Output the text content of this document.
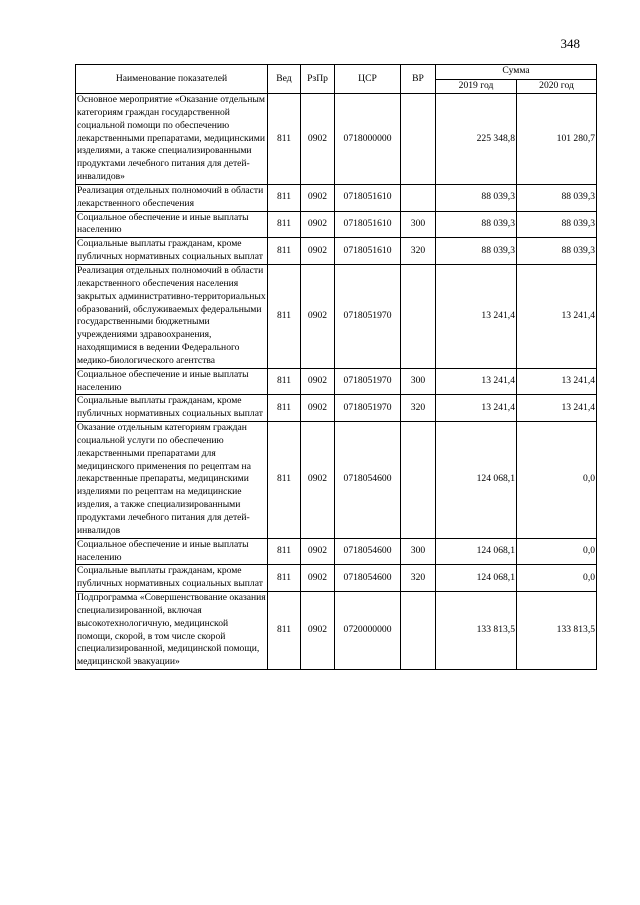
348
Наименование показателей	Вед	РзПр	ЦСР	ВР	Сумма	
					2019 год	2020 год
Основное мероприятие «Оказание отдельным категориям граждан государственной социальной помощи по обеспечению лекарственными препаратами, медицинскими изделиями, а также специализированными продуктами лечебного питания для детей-инвалидов»	811	0902	0718000000		225 348,8	101 280,7
Реализация отдельных полномочий в области лекарственного обеспечения	811	0902	0718051610		88 039,3	88 039,3
Социальное обеспечение и иные выплаты населению	811	0902	0718051610	300	88 039,3	88 039,3
Социальные выплаты гражданам, кроме публичных нормативных социальных выплат	811	0902	0718051610	320	88 039,3	88 039,3
Реализация отдельных полномочий в области лекарственного обеспечения населения закрытых административно-территориальных образований, обслуживаемых федеральными государственными бюджетными учреждениями здравоохранения, находящимися в ведении Федерального медико-биологического агентства	811	0902	0718051970		13 241,4	13 241,4
Социальное обеспечение и иные выплаты населению	811	0902	0718051970	300	13 241,4	13 241,4
Социальные выплаты гражданам, кроме публичных нормативных социальных выплат	811	0902	0718051970	320	13 241,4	13 241,4
Оказание отдельным категориям граждан социальной услуги по обеспечению лекарственными препаратами для медицинского применения по рецептам на лекарственные препараты, медицинскими изделиями по рецептам на медицинские изделия, а также специализированными продуктами лечебного питания для детей-инвалидов	811	0902	0718054600		124 068,1	0,0
Социальное обеспечение и иные выплаты населению	811	0902	0718054600	300	124 068,1	0,0
Социальные выплаты гражданам, кроме публичных нормативных социальных выплат	811	0902	0718054600	320	124 068,1	0,0
Подпрограмма «Совершенствование оказания специализированной, включая высокотехнологичную, медицинской помощи, скорой, в том числе скорой специализированной, медицинской помощи, медицинской эвакуации»	811	0902	0720000000		133 813,5	133 813,5
